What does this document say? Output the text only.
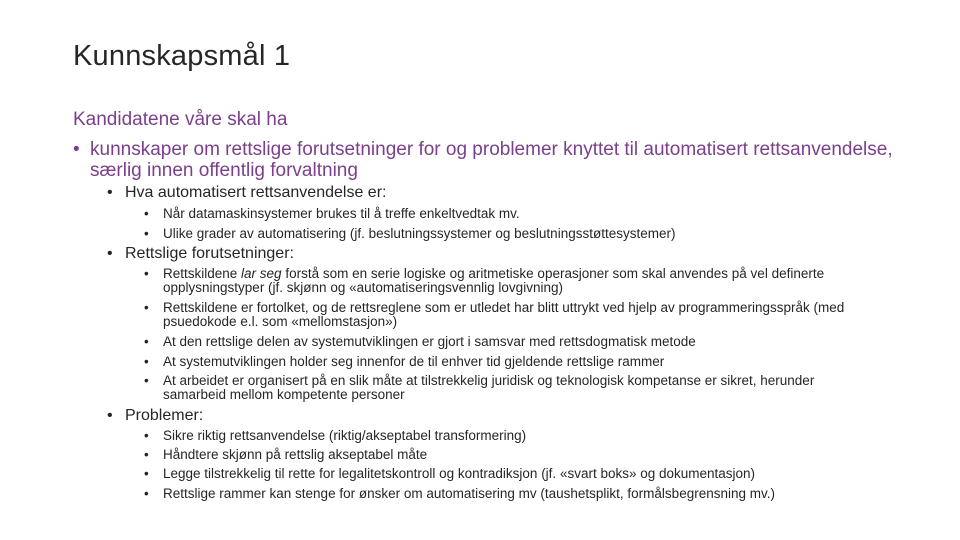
Kunnskapsmål 1
Kandidatene våre skal ha
• kunnskaper om rettslige forutsetninger for og problemer knyttet til automatisert rettsanvendelse, særlig innen offentlig forvaltning
• Hva automatisert rettsanvendelse er:
•	Når datamaskinsystemer brukes til å treffe enkeltvedtak mv.
•	Ulike grader av automatisering (jf. beslutningssystemer og beslutningsstøttesystemer)
• Rettslige forutsetninger:
•	Rettskildene lar seg forstå som en serie logiske og aritmetiske operasjoner som skal anvendes på vel definerte opplysningstyper (jf. skjønn og «automatiseringsvennlig lovgivning)
•	Rettskildene er fortolket, og de rettsreglene som er utledet har blitt uttrykt ved hjelp av programmeringsspråk (med psuedokode e.l. som «mellomstasjon»)
•	At den rettslige delen av systemutviklingen er gjort i samsvar med rettsdogmatisk metode
•	At systemutviklingen holder seg innenfor de til enhver tid gjeldende rettslige rammer
•	At arbeidet er organisert på en slik måte at tilstrekkelig juridisk og teknologisk kompetanse er sikret, herunder samarbeid mellom kompetente personer
• Problemer:
•	Sikre riktig rettsanvendelse (riktig/akseptabel transformering)
•	Håndtere skjønn på rettslig akseptabel måte
•	Legge tilstrekkelig til rette for legalitetskontroll og kontradiksjon (jf. «svart boks» og dokumentasjon)
•	Rettslige rammer kan stenge for ønsker om automatisering mv (taushetsplikt, formålsbegrensning mv.)
